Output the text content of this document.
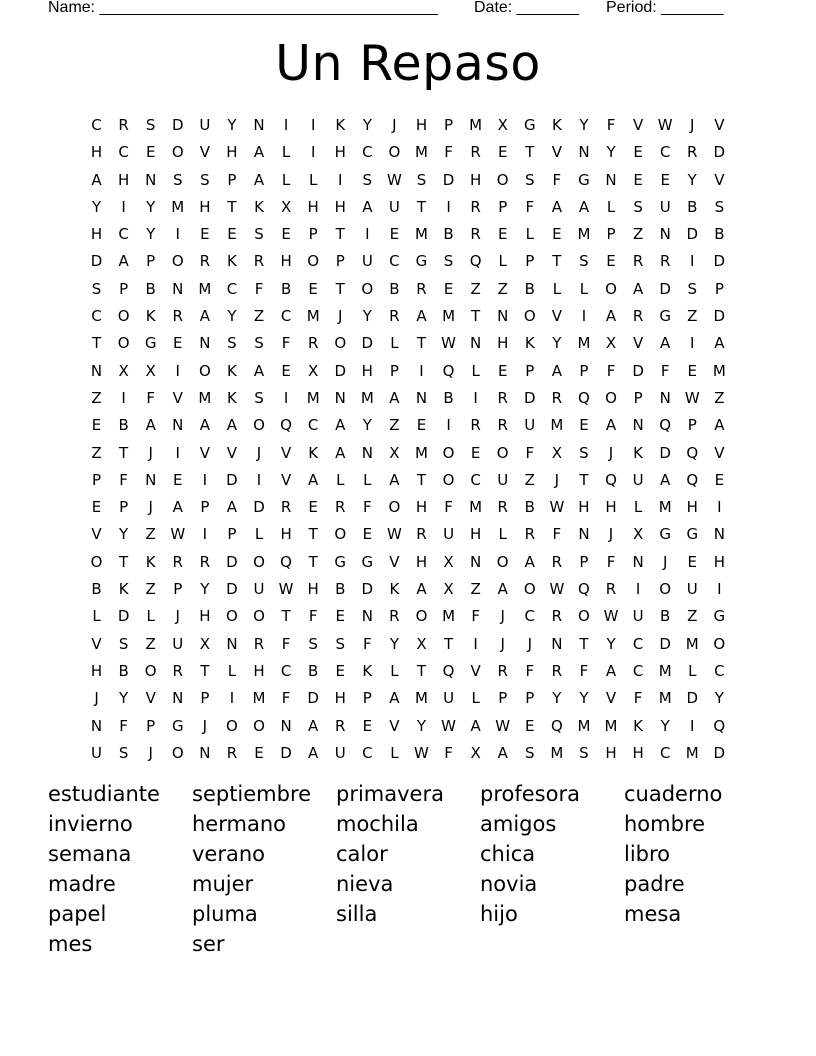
Name: ______________________________________ Date: _______ Period: _______
Un Repaso
C	R	S	D	U	Y	N	I	I	K	Y	J	H	P	M	X	G	K	Y	F	V W	J	V
H	C	E	O	V	H	A	L	I	H	C	O M	F	R	E	T	V	N	Y	E	C	R	D
A	H	N	S	S	P	A	L	L	I	S W S	D	H	O	S	F	G	N	E	E	Y	V
Y	I	Y	M H	T	K	X	H	H	A	U	T	I	R	P	F	A	A	L	S	U	B	S
H	C	Y	I	E	E	S	E	P	T	I	E	M	B	R	E	L	E	M	P	Z	N	D	B
D	A	P	O	R	K	R	H	O	P	U	C	G	S	Q	L	P	T	S	E	R	R	I	D
S	P	B	N M	C	F	B	E	T	O	B	R	E	Z	Z	B	L	L	O	A	D	S	P
C	O	K	R	A	Y	Z	C	M	J	Y	R	A	M	T	N	O	V	I	A	R	G	Z	D
T	O	G	E	N	S	S	F	R	O	D	L	T	W N	H	K	Y	M	X	V	A	I	A
N	X	X	I	O	K	A	E	X	D	H	P	I	Q	L	E	P	A	P	F	D	F	E	M
Z	I	F	V	M	K	S	I	M N M	A	N	B	I	R	D	R	Q	O	P	N W Z
E	B	A	N	A	A	O	Q	C	A	Y	Z	E	I	R	R	U	M	E	A	N	Q	P	A
Z	T	J	I	V	V	J	V	K	A	N	X	M O	E	O	F	X	S	J	K	D	Q	V
P	F	N	E	I	D	I	V	A	L	L	A	T	O	C	U	Z	J	T	Q	U	A	Q	E
E	P	J	A	P	A	D	R	E	R	F	O	H	F	M	R	B W H	H	L	M H	I
V	Y	Z W	I	P	L	H	T	O	E W R	U	H	L	R	F	N	J	X	G	G	N
O	T	K	R	R	D	O	Q	T	G	G	V	H	X	N	O	A	R	P	F	N	J	E	H
B	K	Z	P	Y	D	U W H	B	D	K	A	X	Z	A	O W Q	R	I	O	U	I
L	D	L	J	H	O	O	T	F	E	N	R	O M	F	J	C	R	O W U	B	Z	G
V	S	Z	U	X	N	R	F	S	S	F	Y	X	T	I	J	J	N	T	Y	C	D M O
H	B	O	R	T	L	H	C	B	E	K	L	T	Q	V	R	F	R	F	A	C	M	L	C
J	Y	V	N	P	I	M	F	D	H	P	A	M	U	L	P	P	Y	Y	V	F	M D	Y
N	F	P	G	J	O	O	N	A	R	E	V	Y	W A W E	Q M M	K	Y	I	Q
U	S	J	O	N	R	E	D	A	U	C	L	W	F	X	A	S	M	S	H	H	C	M D
estudiante septiembre primavera profesora cuaderno
invierno	hermano mochila	amigos	hombre
semana	verano	calor	chica	libro
madre	mujer	nieva	novia	padre
papel	pluma	silla	hijo	mesa
mes	ser
